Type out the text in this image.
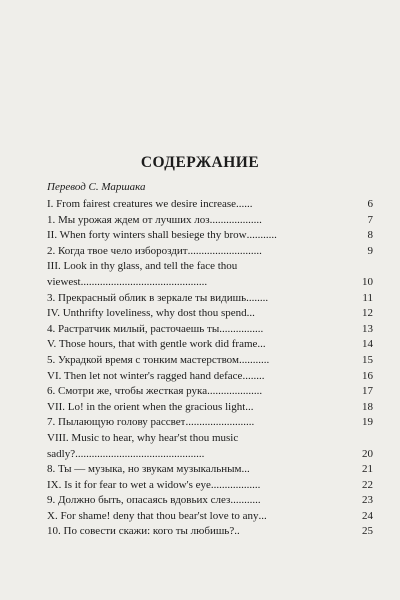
СОДЕРЖАНИЕ

Перевод С. Маршака

I. From fairest creatures we desire increase ......	6
1. Мы урожая ждем от лучших лоз ...................	7
II. When forty winters shall besiege thy brow ...........	8
2. Когда твое чело избороздит ...........................	9
III. Look in thy glass, and tell the face thou
viewest ..............................................	10
3. Прекрасный облик в зеркале ты видишь ........	11
IV. Unthrifty loveliness, why dost thou spend ...	12
4. Растратчик милый, расточаешь ты ................	13
V. Those hours, that with gentle work did frame ...	14
5. Украдкой время с тонким мастерством ...........	15
VI. Then let not winter's ragged hand deface ........	16
6. Смотри же, чтобы жесткая рука ....................	17
VII. Lo! in the orient when the gracious light ...	18
7. Пылающую голову рассвет .........................	19
VIII. Music to hear, why hear'st thou music
sadly? ...............................................	20
8. Ты — музыка, но звукам музыкальным ...	21
IX. Is it for fear to wet a widow's eye ..................	22
9. Должно быть, опасаясь вдовьих слез ...........	23
X. For shame! deny that thou bear'st love to any ...	24
10. По совести скажи: кого ты любишь? ..	25
